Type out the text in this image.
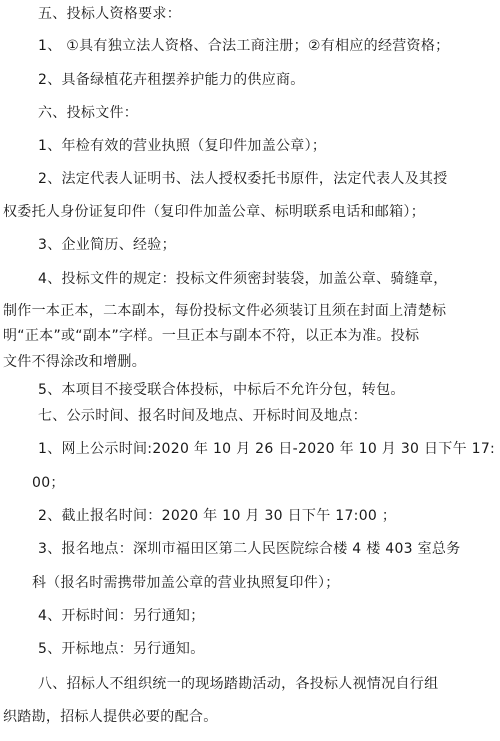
五、投标人资格要求：
1、 ①具有独立法人资格、合法工商注册；②有相应的经营资格；
2、具备绿植花卉租摆养护能力的供应商。
六、投标文件：
1、年检有效的营业执照（复印件加盖公章）；
2、法定代表人证明书、法人授权委托书原件，法定代表人及其授
权委托人身份证复印件（复印件加盖公章、标明联系电话和邮箱）；
3、企业简历、经验；
4、投标文件的规定：投标文件须密封装袋，加盖公章、骑缝章，
制作一本正本，二本副本，每份投标文件必须装订且须在封面上清楚标
明“正本”或“副本”字样。一旦正本与副本不符，以正本为准。投标
文件不得涂改和增删。
5、本项目不接受联合体投标，中标后不允许分包，转包。
七、公示时间、报名时间及地点、开标时间及地点：
1、网上公示时间:2020 年 10 月 26 日-2020 年 10 月 30 日下午 17:
00；
2、截止报名时间：2020 年 10 月 30 日下午 17:00 ；
3、报名地点：深圳市福田区第二人民医院综合楼 4 楼 403 室总务
科（报名时需携带加盖公章的营业执照复印件）；
4、开标时间：另行通知；
5、开标地点：另行通知。
八、招标人不组织统一的现场踏勘活动，各投标人视情况自行组
织踏勘，招标人提供必要的配合。
